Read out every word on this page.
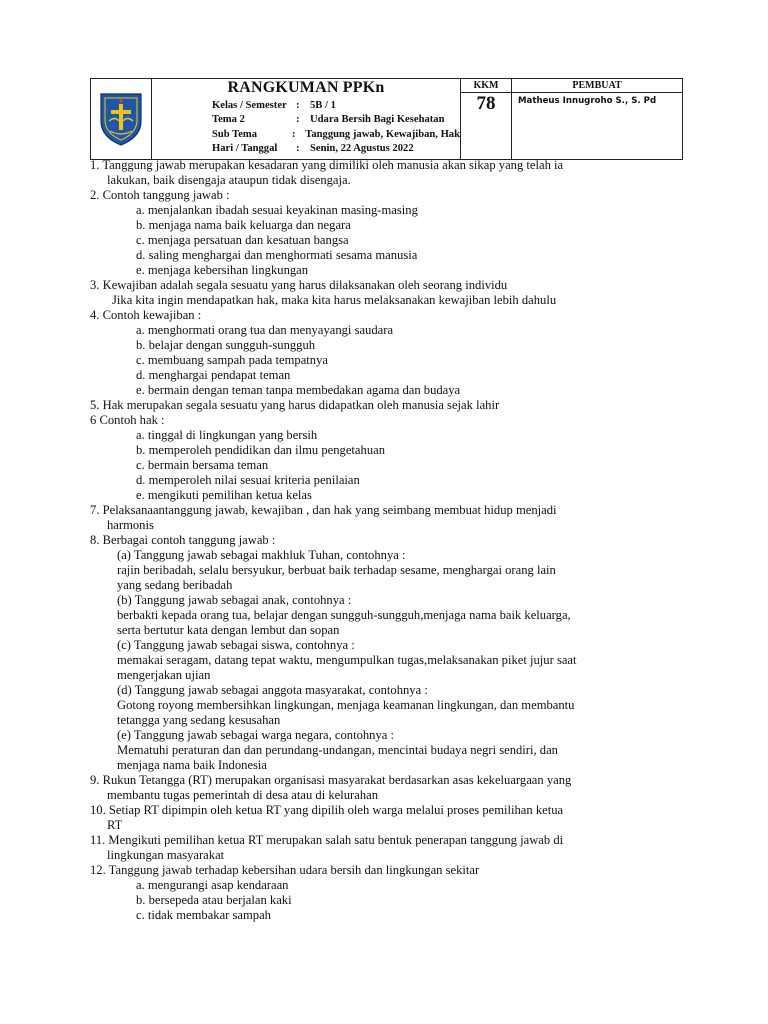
RANGKUMAN PPKn
Kelas / Semester : 5B / 1
Tema 2	: Udara Bersih Bagi Kesehatan
Sub Tema	: Tanggung jawab, Kewajiban, Hak
Hari / Tanggal	: Senin, 22 Agustus 2022

KKM
78

PEMBUAT
Matheus Innugroho S., S. Pd
1. Tanggung jawab merupakan kesadaran yang dimiliki oleh manusia akan sikap yang telah ia
lakukan, baik disengaja ataupun tidak disengaja.
2. Contoh tanggung jawab :
a. menjalankan ibadah sesuai keyakinan masing-masing
b. menjaga nama baik keluarga dan negara
c. menjaga persatuan dan kesatuan bangsa
d. saling menghargai dan menghormati sesama manusia
e. menjaga kebersihan lingkungan
3. Kewajiban adalah segala sesuatu yang harus dilaksanakan oleh seorang individu
Jika kita ingin mendapatkan hak, maka kita harus melaksanakan kewajiban lebih dahulu
4. Contoh kewajiban :
a. menghormati orang tua dan menyayangi saudara
b. belajar dengan sungguh-sungguh
c. membuang sampah pada tempatnya
d. menghargai pendapat teman
e. bermain dengan teman tanpa membedakan agama dan budaya
5. Hak merupakan segala sesuatu yang harus didapatkan oleh manusia sejak lahir
6 Contoh hak :
a. tinggal di lingkungan yang bersih
b. memperoleh pendidikan dan ilmu pengetahuan
c. bermain bersama teman
d. memperoleh nilai sesuai kriteria penilaian
e. mengikuti pemilihan ketua kelas
7. Pelaksanaantanggung jawab, kewajiban , dan hak yang seimbang membuat hidup menjadi
harmonis
8. Berbagai contoh tanggung jawab :
(a) Tanggung jawab sebagai makhluk Tuhan, contohnya :
rajin beribadah, selalu bersyukur, berbuat baik terhadap sesame, menghargai orang lain
yang sedang beribadah
(b) Tanggung jawab sebagai anak, contohnya :
berbakti kepada orang tua, belajar dengan sungguh-sungguh,menjaga nama baik keluarga,
serta bertutur kata dengan lembut dan sopan
(c) Tanggung jawab sebagai siswa, contohnya :
memakai seragam, datang tepat waktu, mengumpulkan tugas,melaksanakan piket jujur saat
mengerjakan ujian
(d) Tanggung jawab sebagai anggota masyarakat, contohnya :
Gotong royong membersihkan lingkungan, menjaga keamanan lingkungan, dan membantu
tetangga yang sedang kesusahan
(e) Tanggung jawab sebagai warga negara, contohnya :
Mematuhi peraturan dan dan perundang-undangan, mencintai budaya negri sendiri, dan
menjaga nama baik Indonesia
9. Rukun Tetangga (RT) merupakan organisasi masyarakat berdasarkan asas kekeluargaan yang
membantu tugas pemerintah di desa atau di kelurahan
10. Setiap RT dipimpin oleh ketua RT yang dipilih oleh warga melalui proses pemilihan ketua
RT
11. Mengikuti pemilihan ketua RT merupakan salah satu bentuk penerapan tanggung jawab di
lingkungan masyarakat
12. Tanggung jawab terhadap kebersihan udara bersih dan lingkungan sekitar
a. mengurangi asap kendaraan
b. bersepeda atau berjalan kaki
c. tidak membakar sampah
